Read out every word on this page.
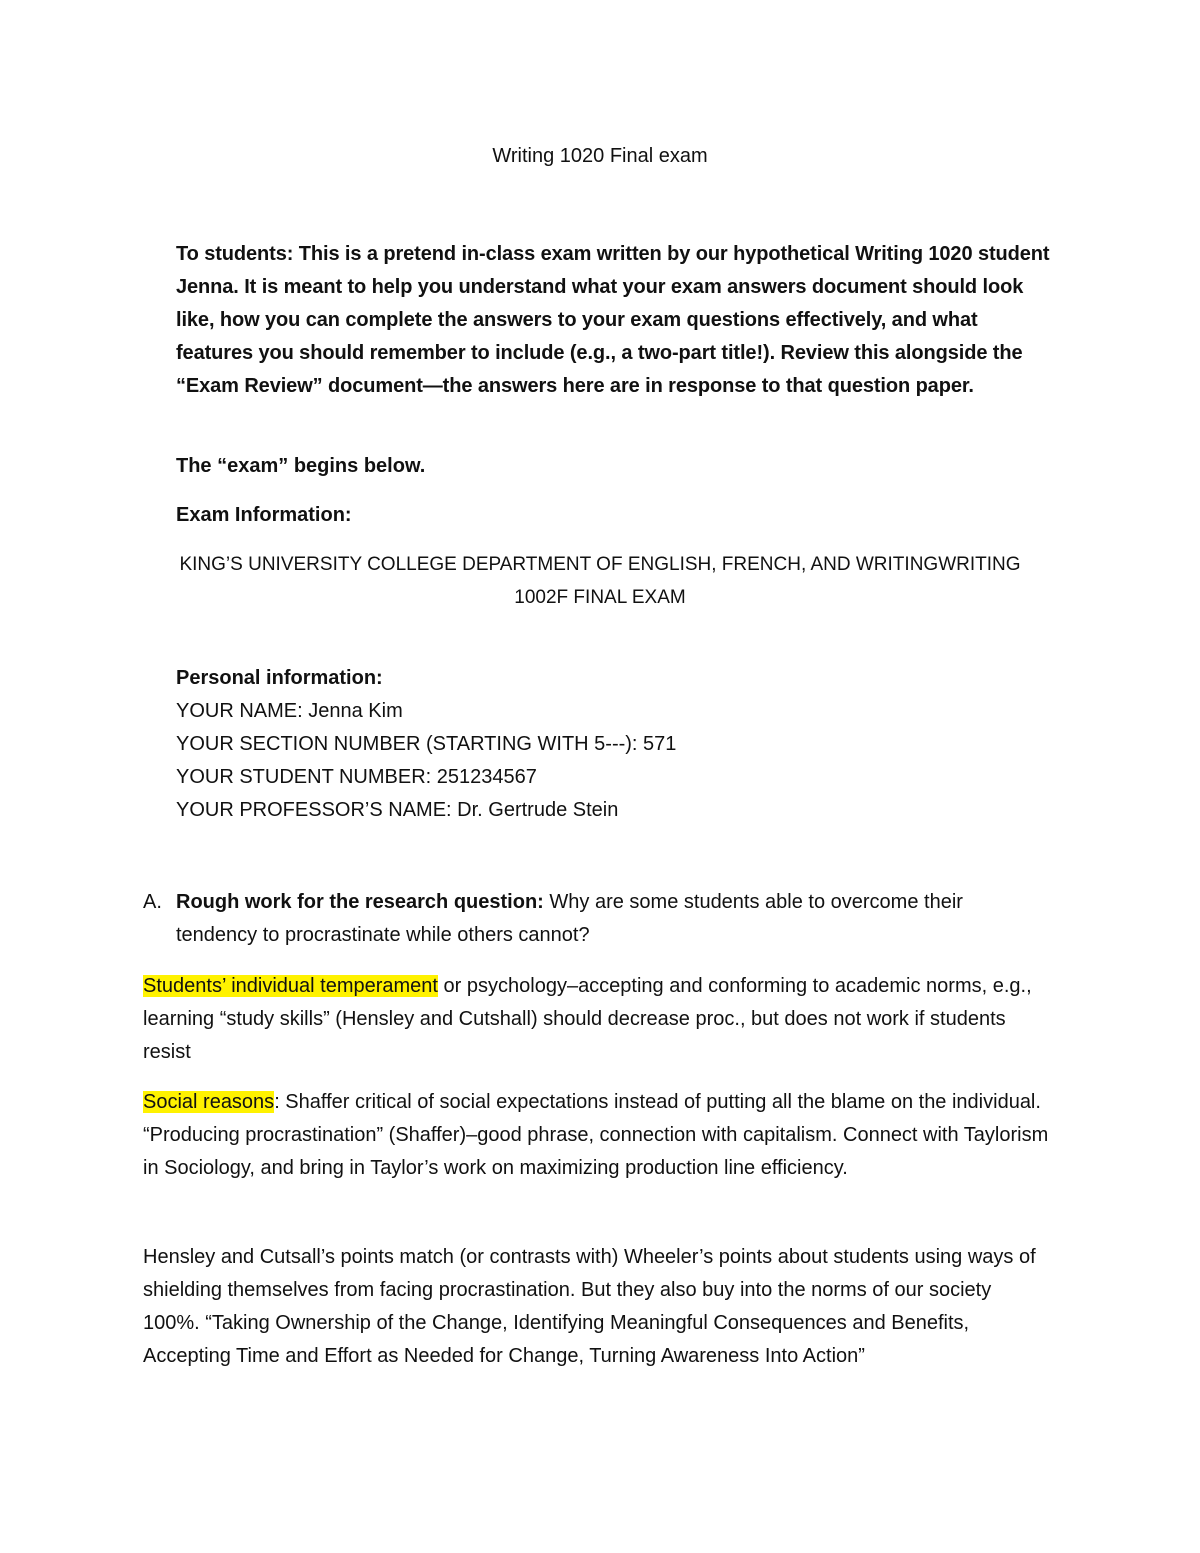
Writing 1020 Final exam
To students: This is a pretend in-class exam written by our hypothetical Writing 1020 student Jenna. It is meant to help you understand what your exam answers document should look like, how you can complete the answers to your exam questions effectively, and what features you should remember to include (e.g., a two-part title!). Review this alongside the “Exam Review” document—the answers here are in response to that question paper.
The “exam” begins below.
Exam Information:
KING’S UNIVERSITY COLLEGE DEPARTMENT OF ENGLISH, FRENCH, AND WRITINGWRITING 1002F FINAL EXAM
Personal information:
YOUR NAME: Jenna Kim
YOUR SECTION NUMBER (STARTING WITH 5---): 571
YOUR STUDENT NUMBER: 251234567
YOUR PROFESSOR’S NAME: Dr. Gertrude Stein
A. Rough work for the research question: Why are some students able to overcome their tendency to procrastinate while others cannot?
Students’ individual temperament or psychology–accepting and conforming to academic norms, e.g., learning “study skills” (Hensley and Cutshall) should decrease proc., but does not work if students resist
Social reasons: Shaffer critical of social expectations instead of putting all the blame on the individual. “Producing procrastination” (Shaffer)–good phrase, connection with capitalism. Connect with Taylorism in Sociology, and bring in Taylor’s work on maximizing production line efficiency.
Hensley and Cutsall’s points match (or contrasts with) Wheeler’s points about students using ways of shielding themselves from facing procrastination. But they also buy into the norms of our society 100%. “Taking Ownership of the Change, Identifying Meaningful Consequences and Benefits, Accepting Time and Effort as Needed for Change, Turning Awareness Into Action”
